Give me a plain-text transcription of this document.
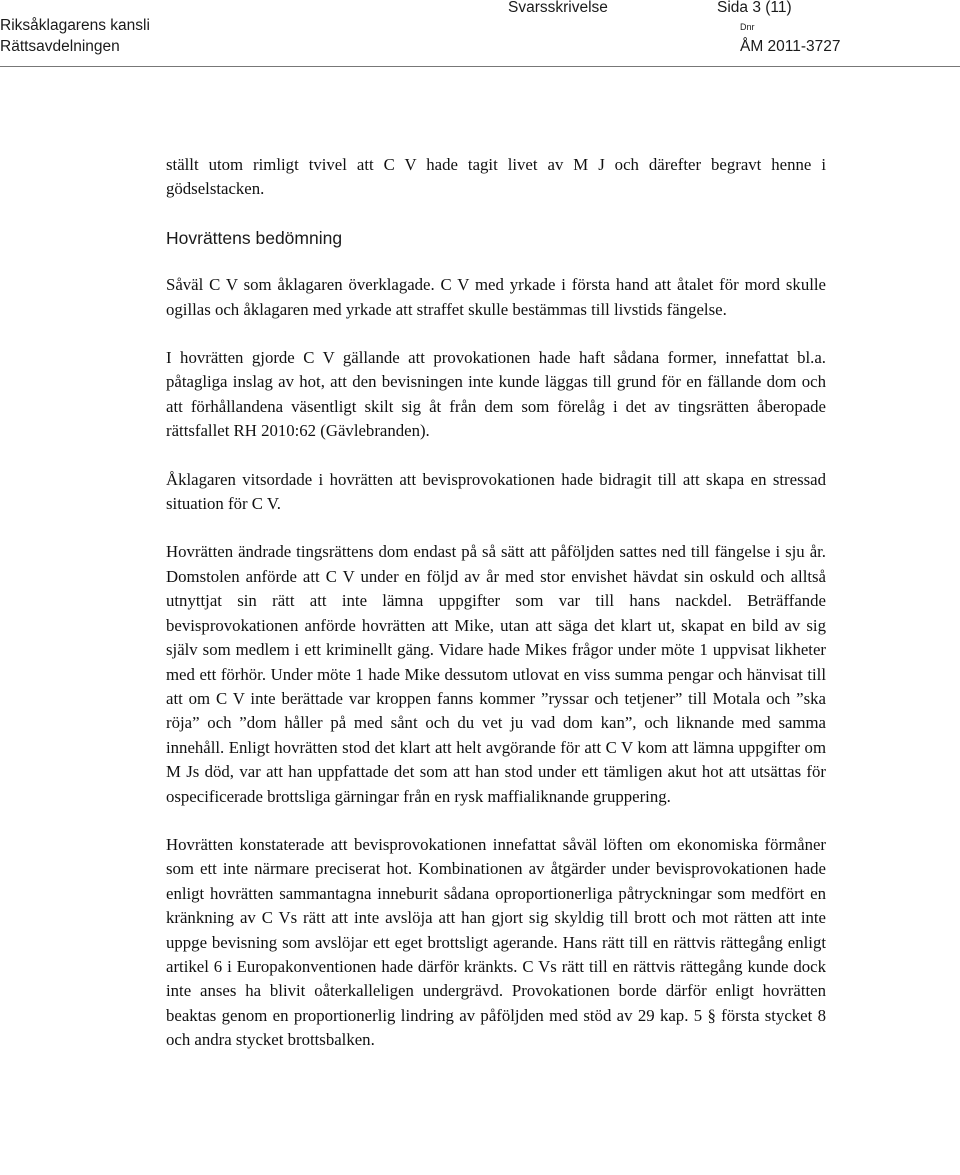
Riksåklagarens kansli
Rättsavdelningen
Svarsskrivelse	Sida 3 (11)
Dnr
ÅM 2011-3727

ställt utom rimligt tvivel att C V hade tagit livet av M J och därefter begravt henne i gödselstacken.

Hovrättens bedömning

Såväl C V som åklagaren överklagade. C V med yrkade i första hand att åtalet för mord skulle ogillas och åklagaren med yrkade att straffet skulle bestämmas till livstids fängelse.

I hovrätten gjorde C V gällande att provokationen hade haft sådana former, innefattat bl.a. påtagliga inslag av hot, att den bevisningen inte kunde läggas till grund för en fällande dom och att förhållandena väsentligt skilt sig åt från dem som förelåg i det av tingsrätten åberopade rättsfallet RH 2010:62 (Gävlebranden).

Åklagaren vitsordade i hovrätten att bevisprovokationen hade bidragit till att skapa en stressad situation för C V.

Hovrätten ändrade tingsrättens dom endast på så sätt att påföljden sattes ned till fängelse i sju år. Domstolen anförde att C V under en följd av år med stor envishet hävdat sin oskuld och alltså utnyttjat sin rätt att inte lämna uppgifter som var till hans nackdel. Beträffande bevisprovokationen anförde hovrätten att Mike, utan att säga det klart ut, skapat en bild av sig själv som medlem i ett kriminellt gäng. Vidare hade Mikes frågor under möte 1 uppvisat likheter med ett förhör. Under möte 1 hade Mike dessutom utlovat en viss summa pengar och hänvisat till att om C V inte berättade var kroppen fanns kommer ”ryssar och tetjener” till Motala och ”ska röja” och ”dom håller på med sånt och du vet ju vad dom kan”, och liknande med samma innehåll. Enligt hovrätten stod det klart att helt avgörande för att C V kom att lämna uppgifter om M Js död, var att han uppfattade det som att han stod under ett tämligen akut hot att utsättas för ospecificerade brottsliga gärningar från en rysk maffialiknande gruppering.

Hovrätten konstaterade att bevisprovokationen innefattat såväl löften om ekonomiska förmåner som ett inte närmare preciserat hot. Kombinationen av åtgärder under bevisprovokationen hade enligt hovrätten sammantagna inneburit sådana oproportionerliga påtryckningar som medfört en kränkning av C Vs rätt att inte avslöja att han gjort sig skyldig till brott och mot rätten att inte uppge bevisning som avslöjar ett eget brottsligt agerande. Hans rätt till en rättvis rättegång enligt artikel 6 i Europakonventionen hade därför kränkts. C Vs rätt till en rättvis rättegång kunde dock inte anses ha blivit oåterkalleligen undergrävd. Provokationen borde därför enligt hovrätten beaktas genom en proportionerlig lindring av påföljden med stöd av 29 kap. 5 § första stycket 8 och andra stycket brottsbalken.
